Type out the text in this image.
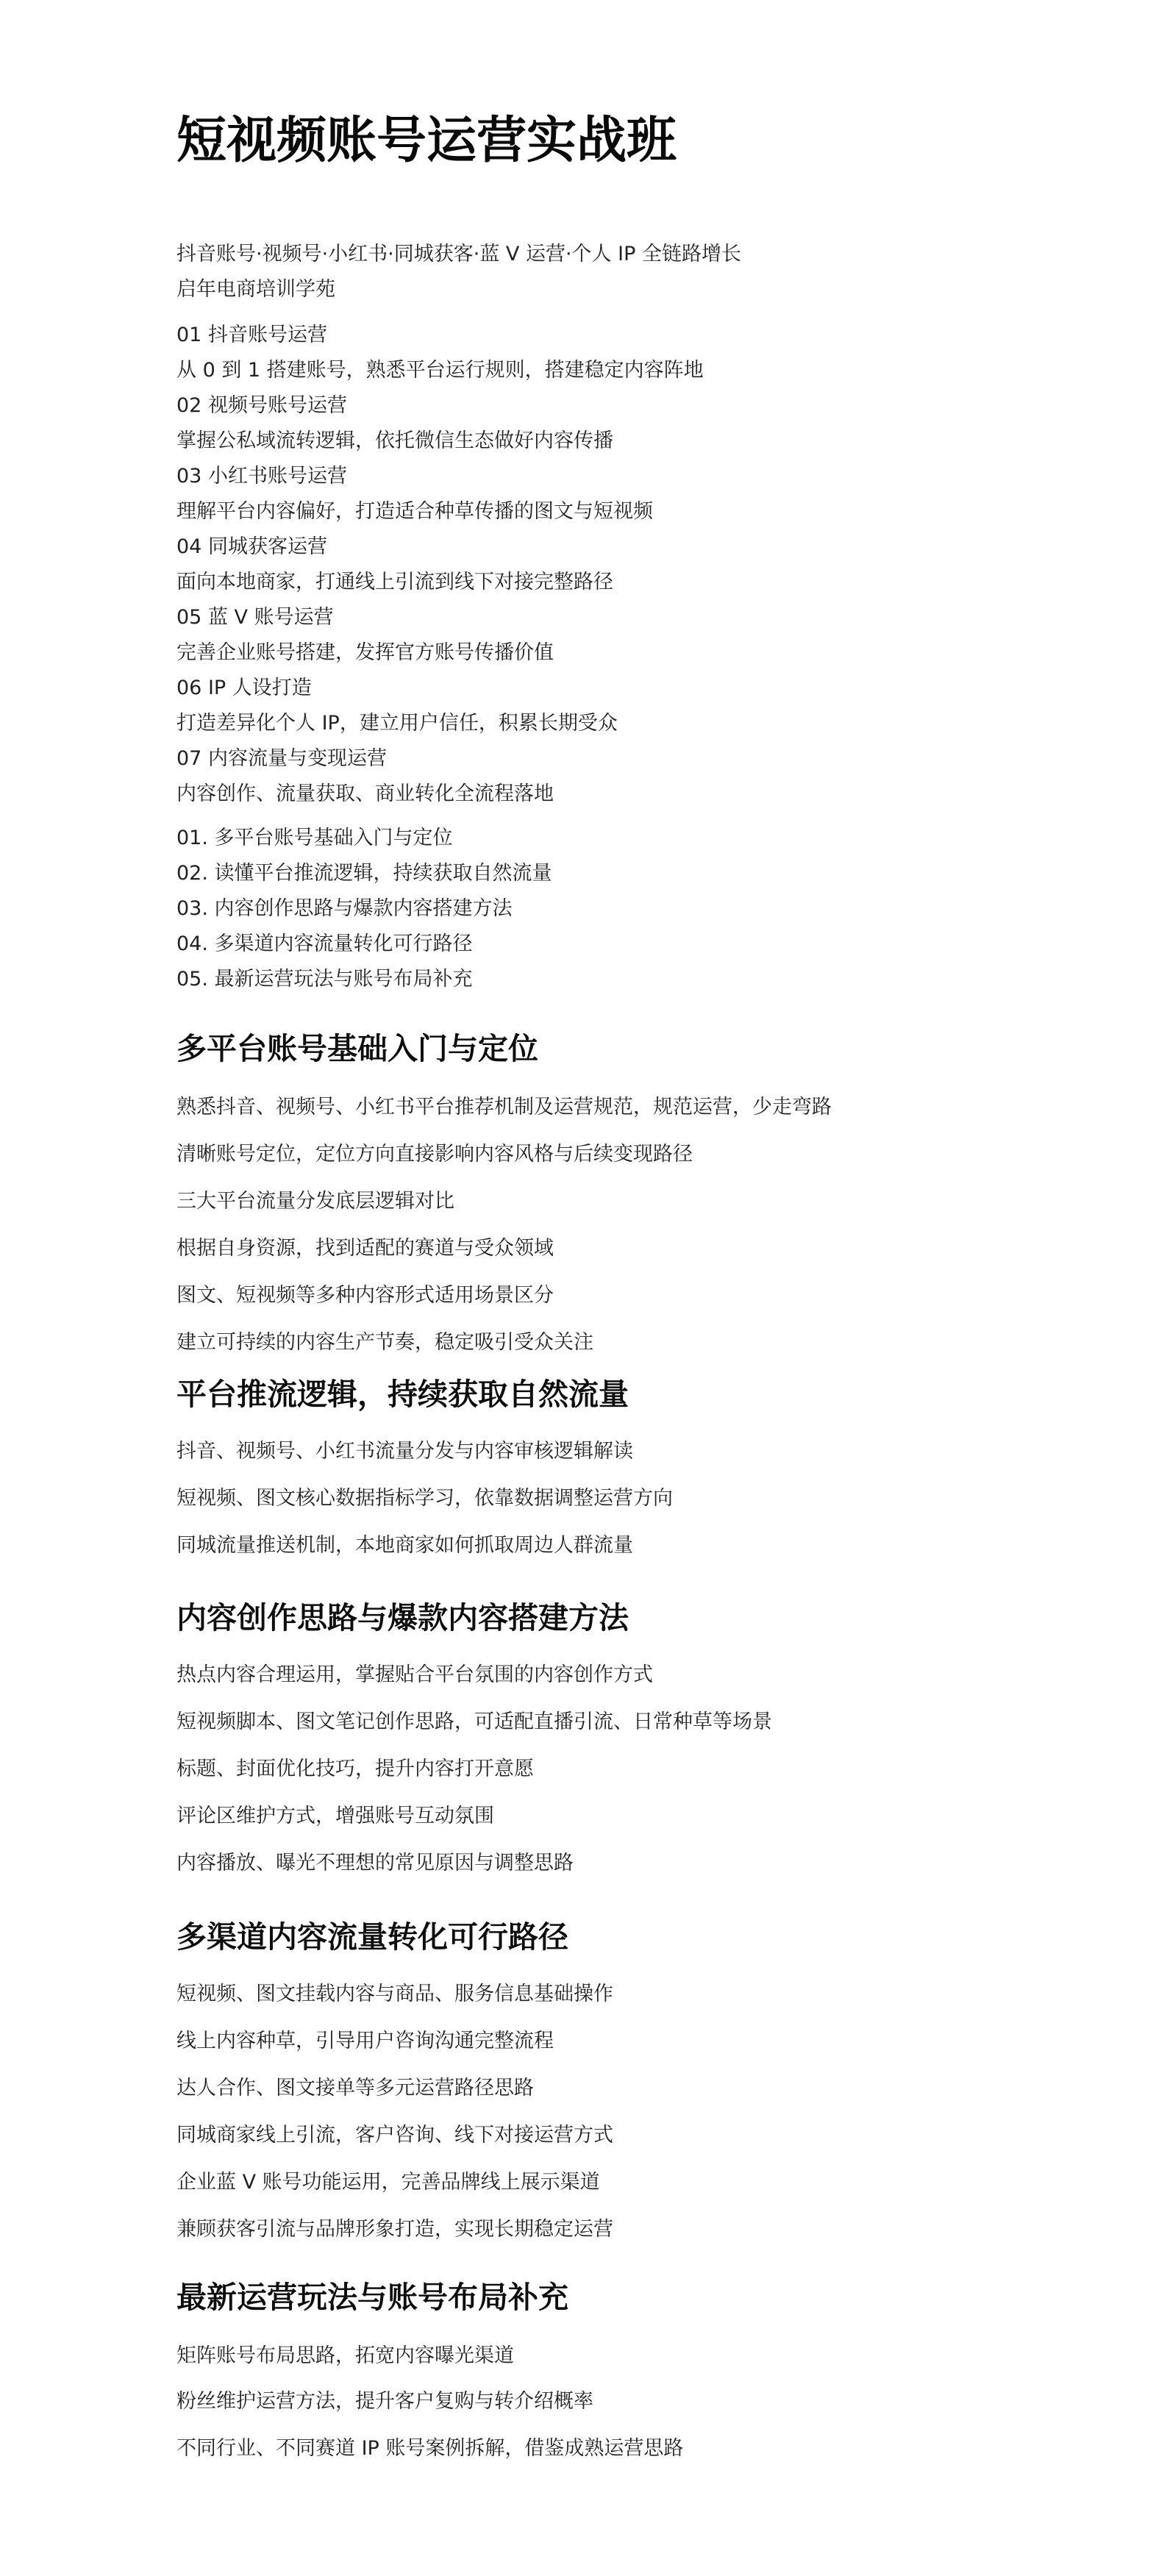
短视频账号运营实战班
抖音账号·视频号·小红书·同城获客·蓝 V 运营·个人 IP 全链路增长
启年电商培训学苑
01 抖音账号运营
从 0 到 1 搭建账号，熟悉平台运行规则，搭建稳定内容阵地
02 视频号账号运营
掌握公私域流转逻辑，依托微信生态做好内容传播
03 小红书账号运营
理解平台内容偏好，打造适合种草传播的图文与短视频
04 同城获客运营
面向本地商家，打通线上引流到线下对接完整路径
05 蓝 V 账号运营
完善企业账号搭建，发挥官方账号传播价值
06 IP 人设打造
打造差异化个人 IP，建立用户信任，积累长期受众
07 内容流量与变现运营
内容创作、流量获取、商业转化全流程落地
01. 多平台账号基础入门与定位
02. 读懂平台推流逻辑，持续获取自然流量
03. 内容创作思路与爆款内容搭建方法
04. 多渠道内容流量转化可行路径
05. 最新运营玩法与账号布局补充
多平台账号基础入门与定位
熟悉抖音、视频号、小红书平台推荐机制及运营规范，规范运营，少走弯路
清晰账号定位，定位方向直接影响内容风格与后续变现路径
三大平台流量分发底层逻辑对比
根据自身资源，找到适配的赛道与受众领域
图文、短视频等多种内容形式适用场景区分
建立可持续的内容生产节奏，稳定吸引受众关注
平台推流逻辑，持续获取自然流量
抖音、视频号、小红书流量分发与内容审核逻辑解读
短视频、图文核心数据指标学习，依靠数据调整运营方向
同城流量推送机制，本地商家如何抓取周边人群流量
内容创作思路与爆款内容搭建方法
热点内容合理运用，掌握贴合平台氛围的内容创作方式
短视频脚本、图文笔记创作思路，可适配直播引流、日常种草等场景
标题、封面优化技巧，提升内容打开意愿
评论区维护方式，增强账号互动氛围
内容播放、曝光不理想的常见原因与调整思路
多渠道内容流量转化可行路径
短视频、图文挂载内容与商品、服务信息基础操作
线上内容种草，引导用户咨询沟通完整流程
达人合作、图文接单等多元运营路径思路
同城商家线上引流，客户咨询、线下对接运营方式
企业蓝 V 账号功能运用，完善品牌线上展示渠道
兼顾获客引流与品牌形象打造，实现长期稳定运营
最新运营玩法与账号布局补充
矩阵账号布局思路，拓宽内容曝光渠道
粉丝维护运营方法，提升客户复购与转介绍概率
不同行业、不同赛道 IP 账号案例拆解，借鉴成熟运营思路
